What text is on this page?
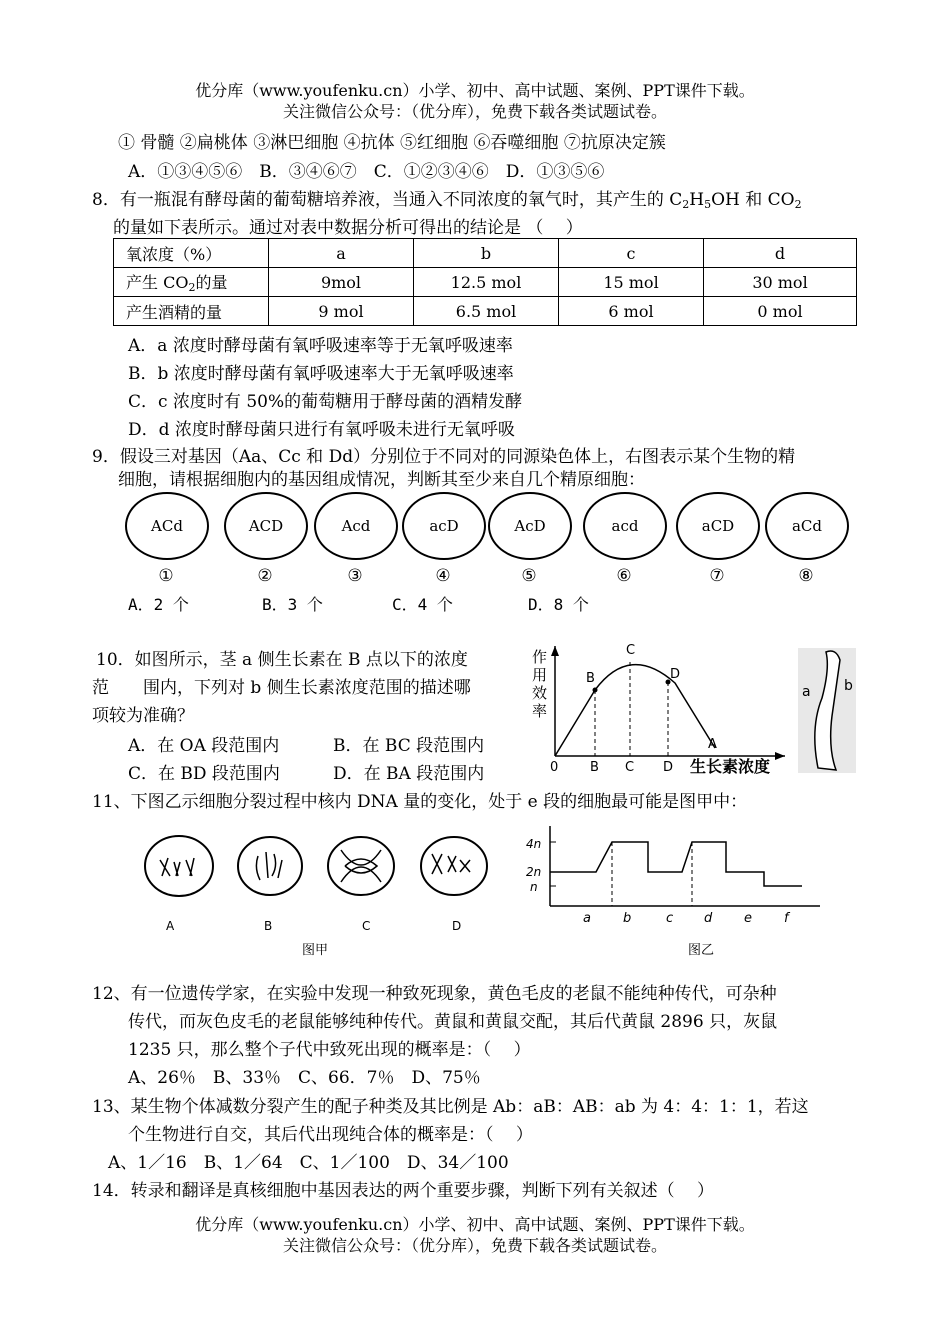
优分库（www.youfenku.cn）小学、初中、高中试题、案例、PPT课件下载。
关注微信公众号：（优分库），免费下载各类试题试卷。
① 骨髓 ②扁桃体 ③淋巴细胞 ④抗体 ⑤红细胞 ⑥吞噬细胞 ⑦抗原决定簇
A．①③④⑤⑥　B．③④⑥⑦　C．①②③④⑥　D．①③⑤⑥
8．有一瓶混有酵母菌的葡萄糖培养液，当通入不同浓度的氧气时，其产生的 $C_2H_5OH$ 和 $CO_2$
的量如下表所示。通过对表中数据分析可得出的结论是 （　 ）
氧浓度（%）	a	b	c	d
产生 $CO_2$的量	9mol	12.5 mol	15 mol	30 mol
产生酒精的量	9 mol	6.5 mol	6 mol	0 mol
A．a 浓度时酵母菌有氧呼吸速率等于无氧呼吸速率
B．b 浓度时酵母菌有氧呼吸速率大于无氧呼吸速率
C．c 浓度时有 50%的葡萄糖用于酵母菌的酒精发酵
D．d 浓度时酵母菌只进行有氧呼吸未进行无氧呼吸
9．假设三对基因（Aa、Cc 和 Dd）分别位于不同对的同源染色体上，右图表示某个生物的精
细胞，请根据细胞内的基因组成情况，判断其至少来自几个精原细胞：
ACd	ACD	Acd	acD	AcD	acd	aCD	aCd
①	②	③	④	⑤	⑥	⑦	⑧
A．2 个	B．3 个	C．4 个	D．8 个
10．如图所示，茎 a 侧生长素在 B 点以下的浓度
范　　围内，下列对 b 侧生长素浓度范围的描述哪
项较为准确？
A．在 OA 段范围内	B．在 BC 段范围内
C．在 BD 段范围内	D．在 BA 段范围内
作
用
效
率
B
C
D
A
0 B C D 生长素浓度
a b
11、下图乙示细胞分裂过程中核内 DNA 量的变化，处于 e 段的细胞最可能是图甲中：
A	B	C	D
图甲
4n
2n
n
a b	c d e f
图乙
12、有一位遗传学家，在实验中发现一种致死现象，黄色毛皮的老鼠不能纯种传代，可杂种
传代，而灰色皮毛的老鼠能够纯种传代。黄鼠和黄鼠交配，其后代黄鼠 2896 只，灰鼠
1235 只，那么整个子代中致死出现的概率是：（　 ）
A、26％　B、33％　C、66．7％　D、75％
13、某生物个体减数分裂产生的配子种类及其比例是 Ab：aB：AB：ab 为 4：4：1：1，若这
个生物进行自交，其后代出现纯合体的概率是：（　 ）
A、1／16　B、1／64　C、1／100　D、34／100
14．转录和翻译是真核细胞中基因表达的两个重要步骤，判断下列有关叙述（　 ）
优分库（www.youfenku.cn）小学、初中、高中试题、案例、PPT课件下载。
关注微信公众号：（优分库），免费下载各类试题试卷。
